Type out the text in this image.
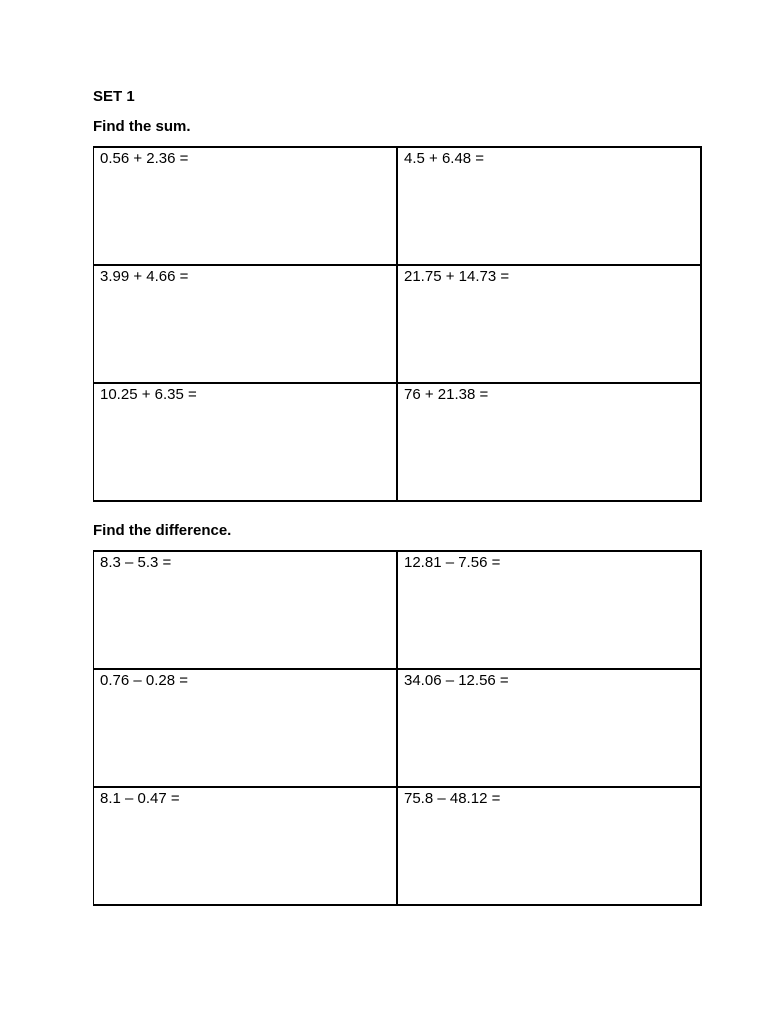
SET 1

Find the sum.

0.56 + 2.36 =	4.5 + 6.48 =
3.99 + 4.66 =	21.75 + 14.73 =
10.25 + 6.35 =	76 + 21.38 =

Find the difference.

8.3 – 5.3 =	12.81 – 7.56 =
0.76 – 0.28 =	34.06 – 12.56 =
8.1 – 0.47 =	75.8 – 48.12 =
